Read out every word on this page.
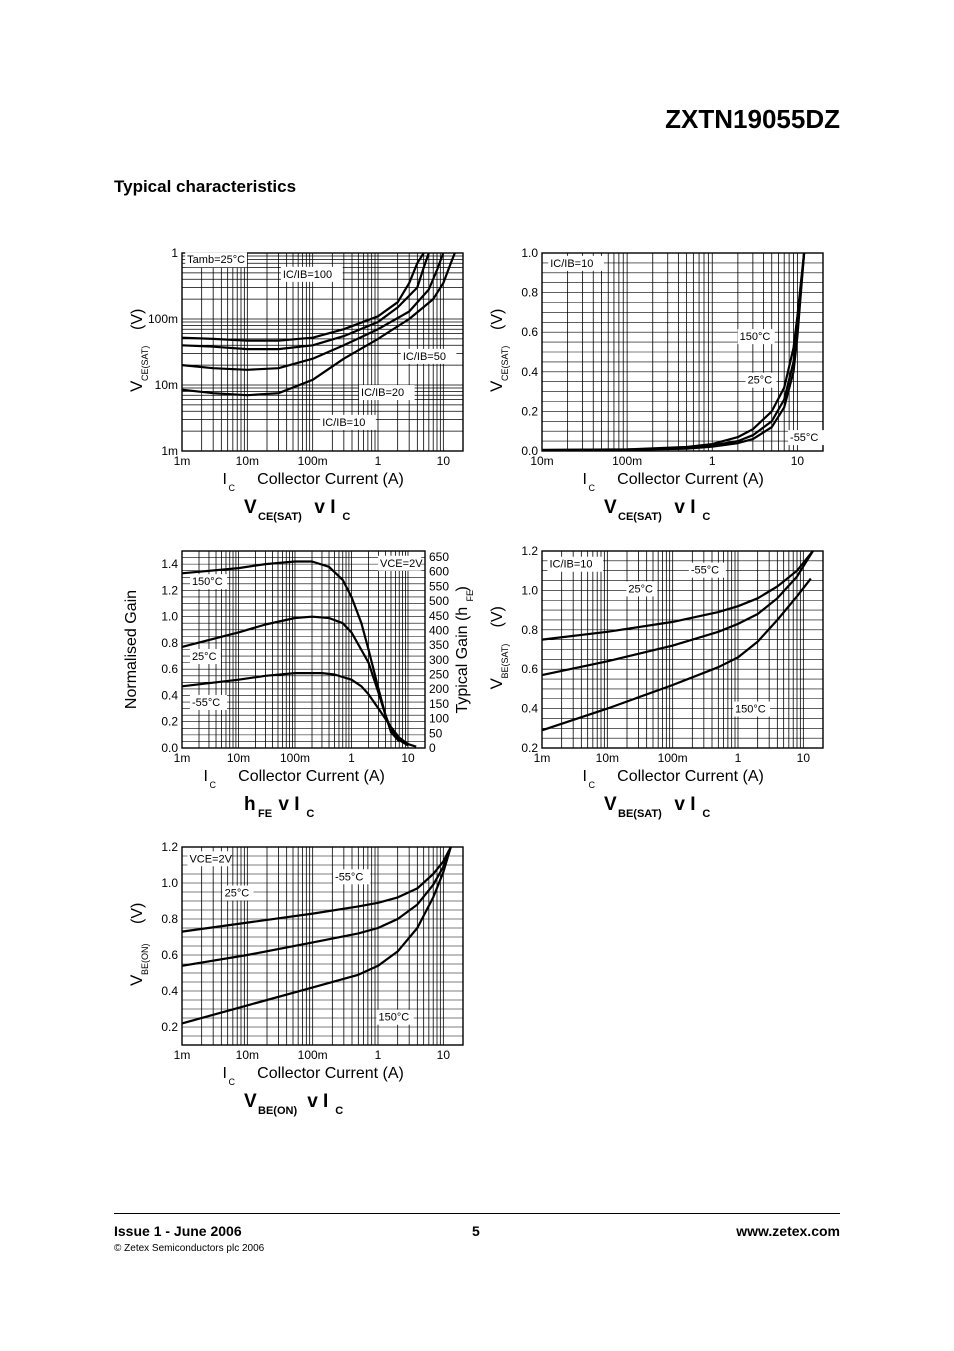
ZXTN19055DZ
Typical characteristics
1m	10m	100m	1	10
1m
10m
100m
1
Tamb=25°C
IC/IB=100
IC/IB=50
IC/IB=20
IC/IB=10
I C Collector Current (A)
V
CE(SAT)
(V)
V CE(SAT) v I C
10m	100m	1	10
0.0
0.2
0.4
0.6
0.8
1.0
IC/IB=10
150°C
25°C
-55°C
I C Collector Current (A)
V
CE(SAT)
(V)
V CE(SAT) v I C
1m	10m 100m	1	10
0.0
0.2
0.4
0.6
0.8
1.0
1.2
1.4
0
50
100
150
200
250
300
350
400
450
500
550
600
650
VCE=2V
150°C
25°C
-55°C
I C Collector Current (A)
Normalised Gain	Typical Gain (h
FE
)
h FE v I C
1m	10m	100m	1	10
0.2
0.4
0.6
0.8
1.0
1.2
IC/IB=10	-55°C
25°C
150°C
I C Collector Current (A)
V
BE(SAT)
(V)
V BE(SAT) v I C
1m	10m	100m	1	10
0.2
0.4
0.6
0.8
1.0
1.2
VCE=2V
-55°C
25°C
150°C
I C Collector Current (A)
V
BE(ON)
(V)
V BE(ON) v I C
Issue 1 - June 2006
© Zetex Semiconductors plc 2006
5	www.zetex.com
